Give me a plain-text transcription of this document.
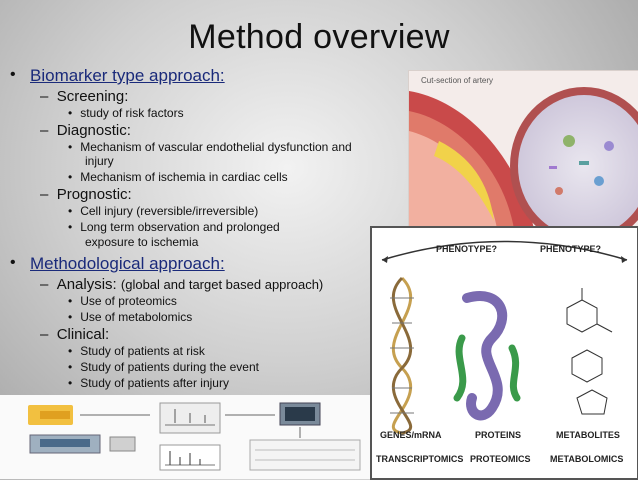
Method overview
• Biomarker type approach:
–  Screening:
• study of risk factors
–  Diagnostic:
• Mechanism of vascular endothelial dysfunction and
injury
• Mechanism of ischemia in cardiac cells
–  Prognostic:
• Cell injury (reversible/irreversible)
• Long term observation and prolonged
exposure to ischemia
• Methodological approach:
–  Analysis: (global and target based approach)
• Use of proteomics
• Use of metabolomics
–  Clinical:
• Study of patients at risk
• Study of patients during the event
• Study of patients after injury
Cut-section of artery
PHENOTYPE?	PHENOTYPE?
GENES/mRNA	PROTEINS	METABOLITES
TRANSCRIPTOMICS PROTEOMICS METABOLOMICS
